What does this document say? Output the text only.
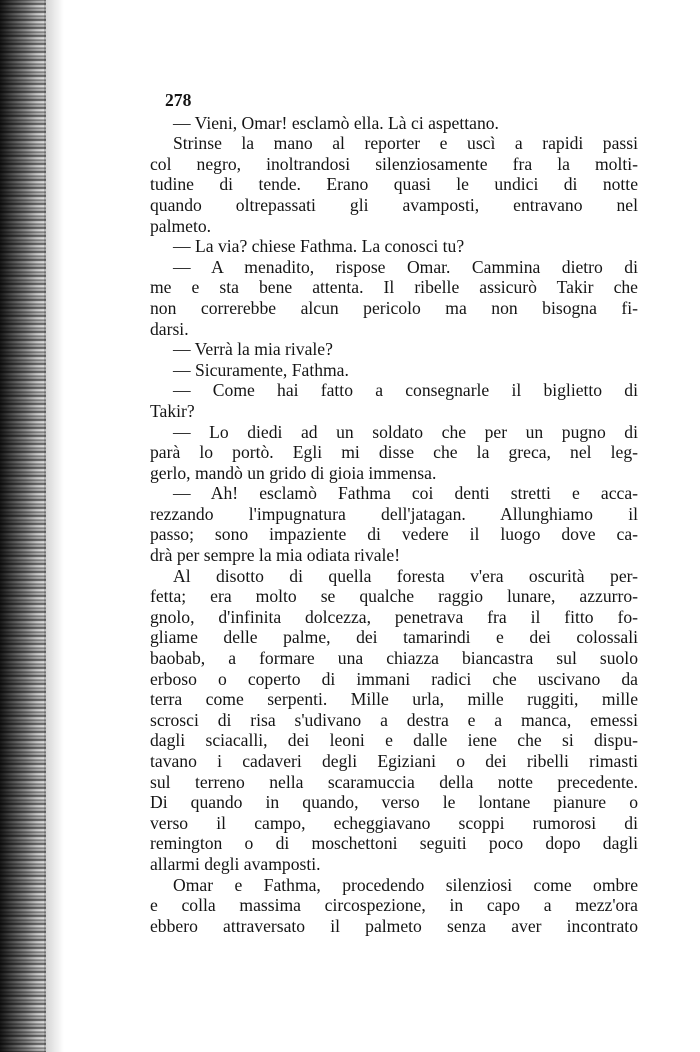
278
— Vieni, Omar! esclamò ella. Là ci aspettano.
Strinse la mano al reporter e uscì a rapidi passi
col negro, inoltrandosi silenziosamente fra la molti-
tudine di tende. Erano quasi le undici di notte
quando oltrepassati gli avamposti, entravano nel
palmeto.
— La via? chiese Fathma. La conosci tu?
— A menadito, rispose Omar. Cammina dietro di
me e sta bene attenta. Il ribelle assicurò Takir che
non correrebbe alcun pericolo ma non bisogna fi-
darsi.
— Verrà la mia rivale?
— Sicuramente, Fathma.
— Come hai fatto a consegnarle il biglietto di
Takir?
— Lo diedi ad un soldato che per un pugno di
parà lo portò. Egli mi disse che la greca, nel leg-
gerlo, mandò un grido di gioia immensa.
— Ah! esclamò Fathma coi denti stretti e acca-
rezzando l'impugnatura dell'jatagan. Allunghiamo il
passo; sono impaziente di vedere il luogo dove ca-
drà per sempre la mia odiata rivale!
Al disotto di quella foresta v'era oscurità per-
fetta; era molto se qualche raggio lunare, azzurro-
gnolo, d'infinita dolcezza, penetrava fra il fitto fo-
gliame delle palme, dei tamarindi e dei colossali
baobab, a formare una chiazza biancastra sul suolo
erboso o coperto di immani radici che uscivano da
terra come serpenti. Mille urla, mille ruggiti, mille
scrosci di risa s'udivano a destra e a manca, emessi
dagli sciacalli, dei leoni e dalle iene che si dispu-
tavano i cadaveri degli Egiziani o dei ribelli rimasti
sul terreno nella scaramuccia della notte precedente.
Di quando in quando, verso le lontane pianure o
verso il campo, echeggiavano scoppi rumorosi di
remington o di moschettoni seguiti poco dopo dagli
allarmi degli avamposti.
Omar e Fathma, procedendo silenziosi come ombre
e colla massima circospezione, in capo a mezz'ora
ebbero attraversato il palmeto senza aver incontrato
